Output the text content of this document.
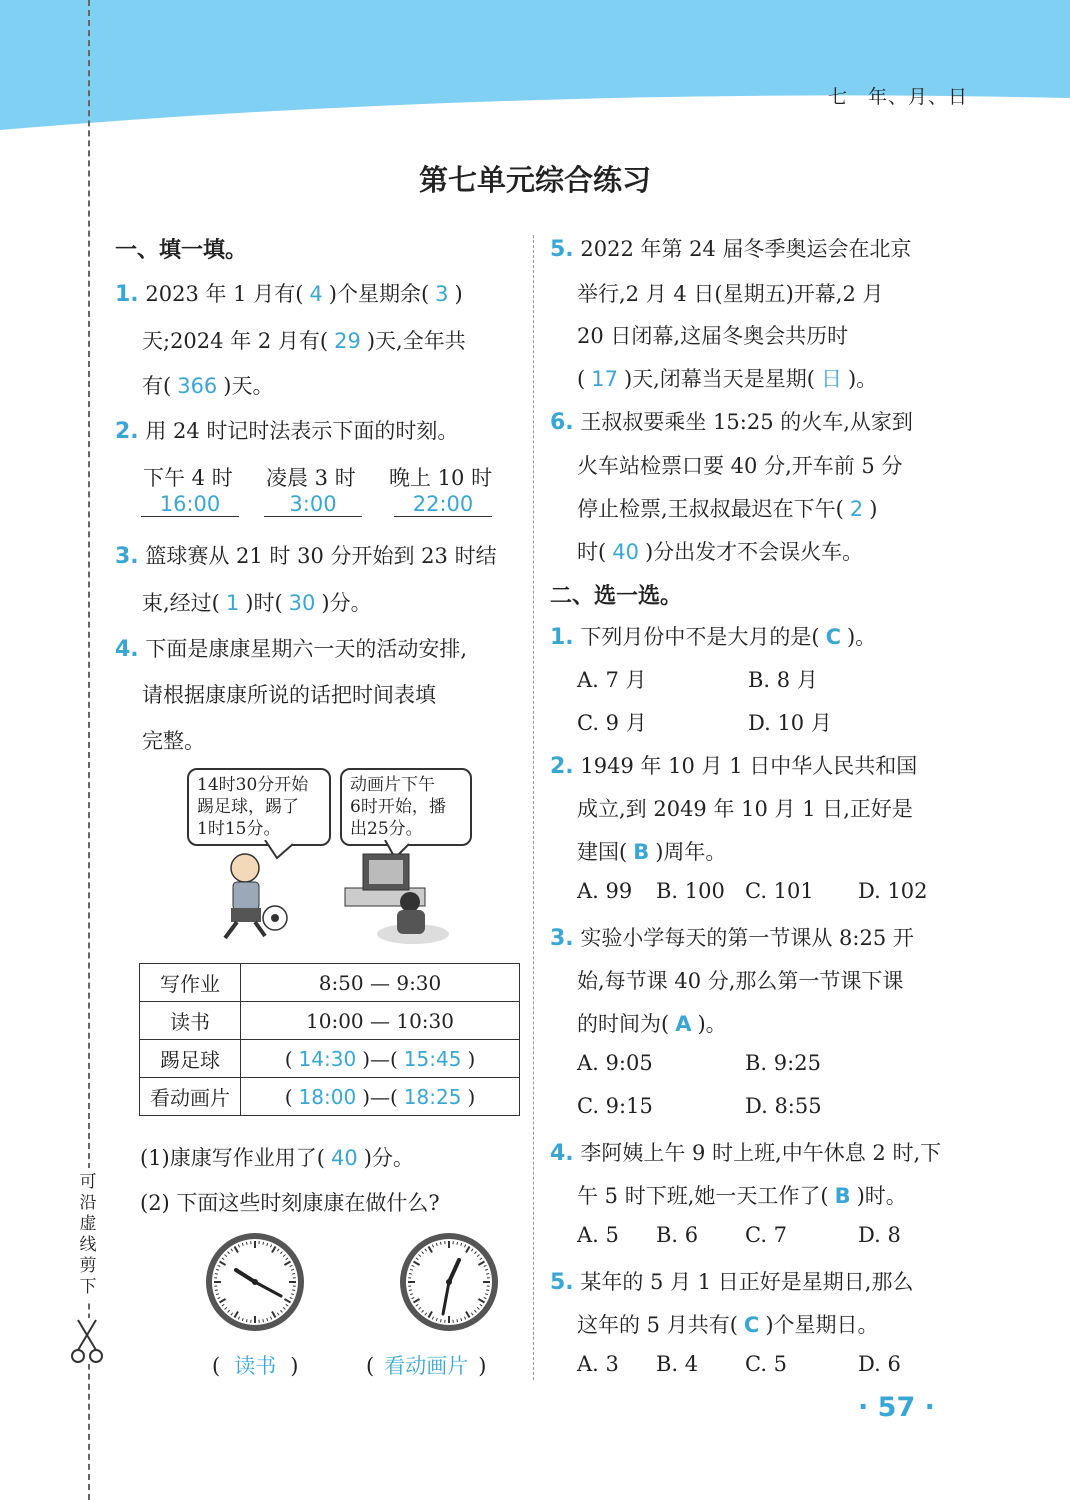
七　年、月、日
可
沿
虚
线
剪
下
第七单元综合练习
一、填一填。
1. 2023 年 1 月有( 4 )个星期余( 3 )
天;2024 年 2 月有( 29 )天,全年共
有( 366 )天。
2. 用 24 时记时法表示下面的时刻。
下午 4 时 凌晨 3 时 晚上 10 时
16:00	3:00	22:00
3. 篮球赛从 21 时 30 分开始到 23 时结
束,经过( 1 )时( 30 )分。
4. 下面是康康星期六一天的活动安排,
请根据康康所说的话把时间表填
完整。
14时30分开始
踢足球，踢了
1时15分。
动画片下午
6时开始，播
出25分。
写作业	8:50 — 9:30
读书	10:00 — 10:30
踢足球	( 14:30 )—( 15:45 )
看动画片	( 18:00 )—( 18:25 )
(1)康康写作业用了( 40 )分。
(2) 下面这些时刻康康在做什么?
( 读书 )	( 看动画片 )
5. 2022 年第 24 届冬季奥运会在北京
举行,2 月 4 日(星期五)开幕,2 月
20 日闭幕,这届冬奥会共历时
( 17 )天,闭幕当天是星期( 日 )。
6. 王叔叔要乘坐 15:25 的火车,从家到
火车站检票口要 40 分,开车前 5 分
停止检票,王叔叔最迟在下午( 2 )
时( 40 )分出发才不会误火车。
二、选一选。
1. 下列月份中不是大月的是( C )。
A. 7 月	B. 8 月
C. 9 月	D. 10 月
2. 1949 年 10 月 1 日中华人民共和国
成立,到 2049 年 10 月 1 日,正好是
建国( B )周年。
A. 99 B. 100 C. 101 D. 102
3. 实验小学每天的第一节课从 8:25 开
始,每节课 40 分,那么第一节课下课
的时间为( A )。
A. 9:05	B. 9:25
C. 9:15	D. 8:55
4. 李阿姨上午 9 时上班,中午休息 2 时,下
午 5 时下班,她一天工作了( B )时。
A. 5 B. 6 C. 7	D. 8
5. 某年的 5 月 1 日正好是星期日,那么
这年的 5 月共有( C )个星期日。
A. 3 B. 4 C. 5	D. 6
· 57 ·
